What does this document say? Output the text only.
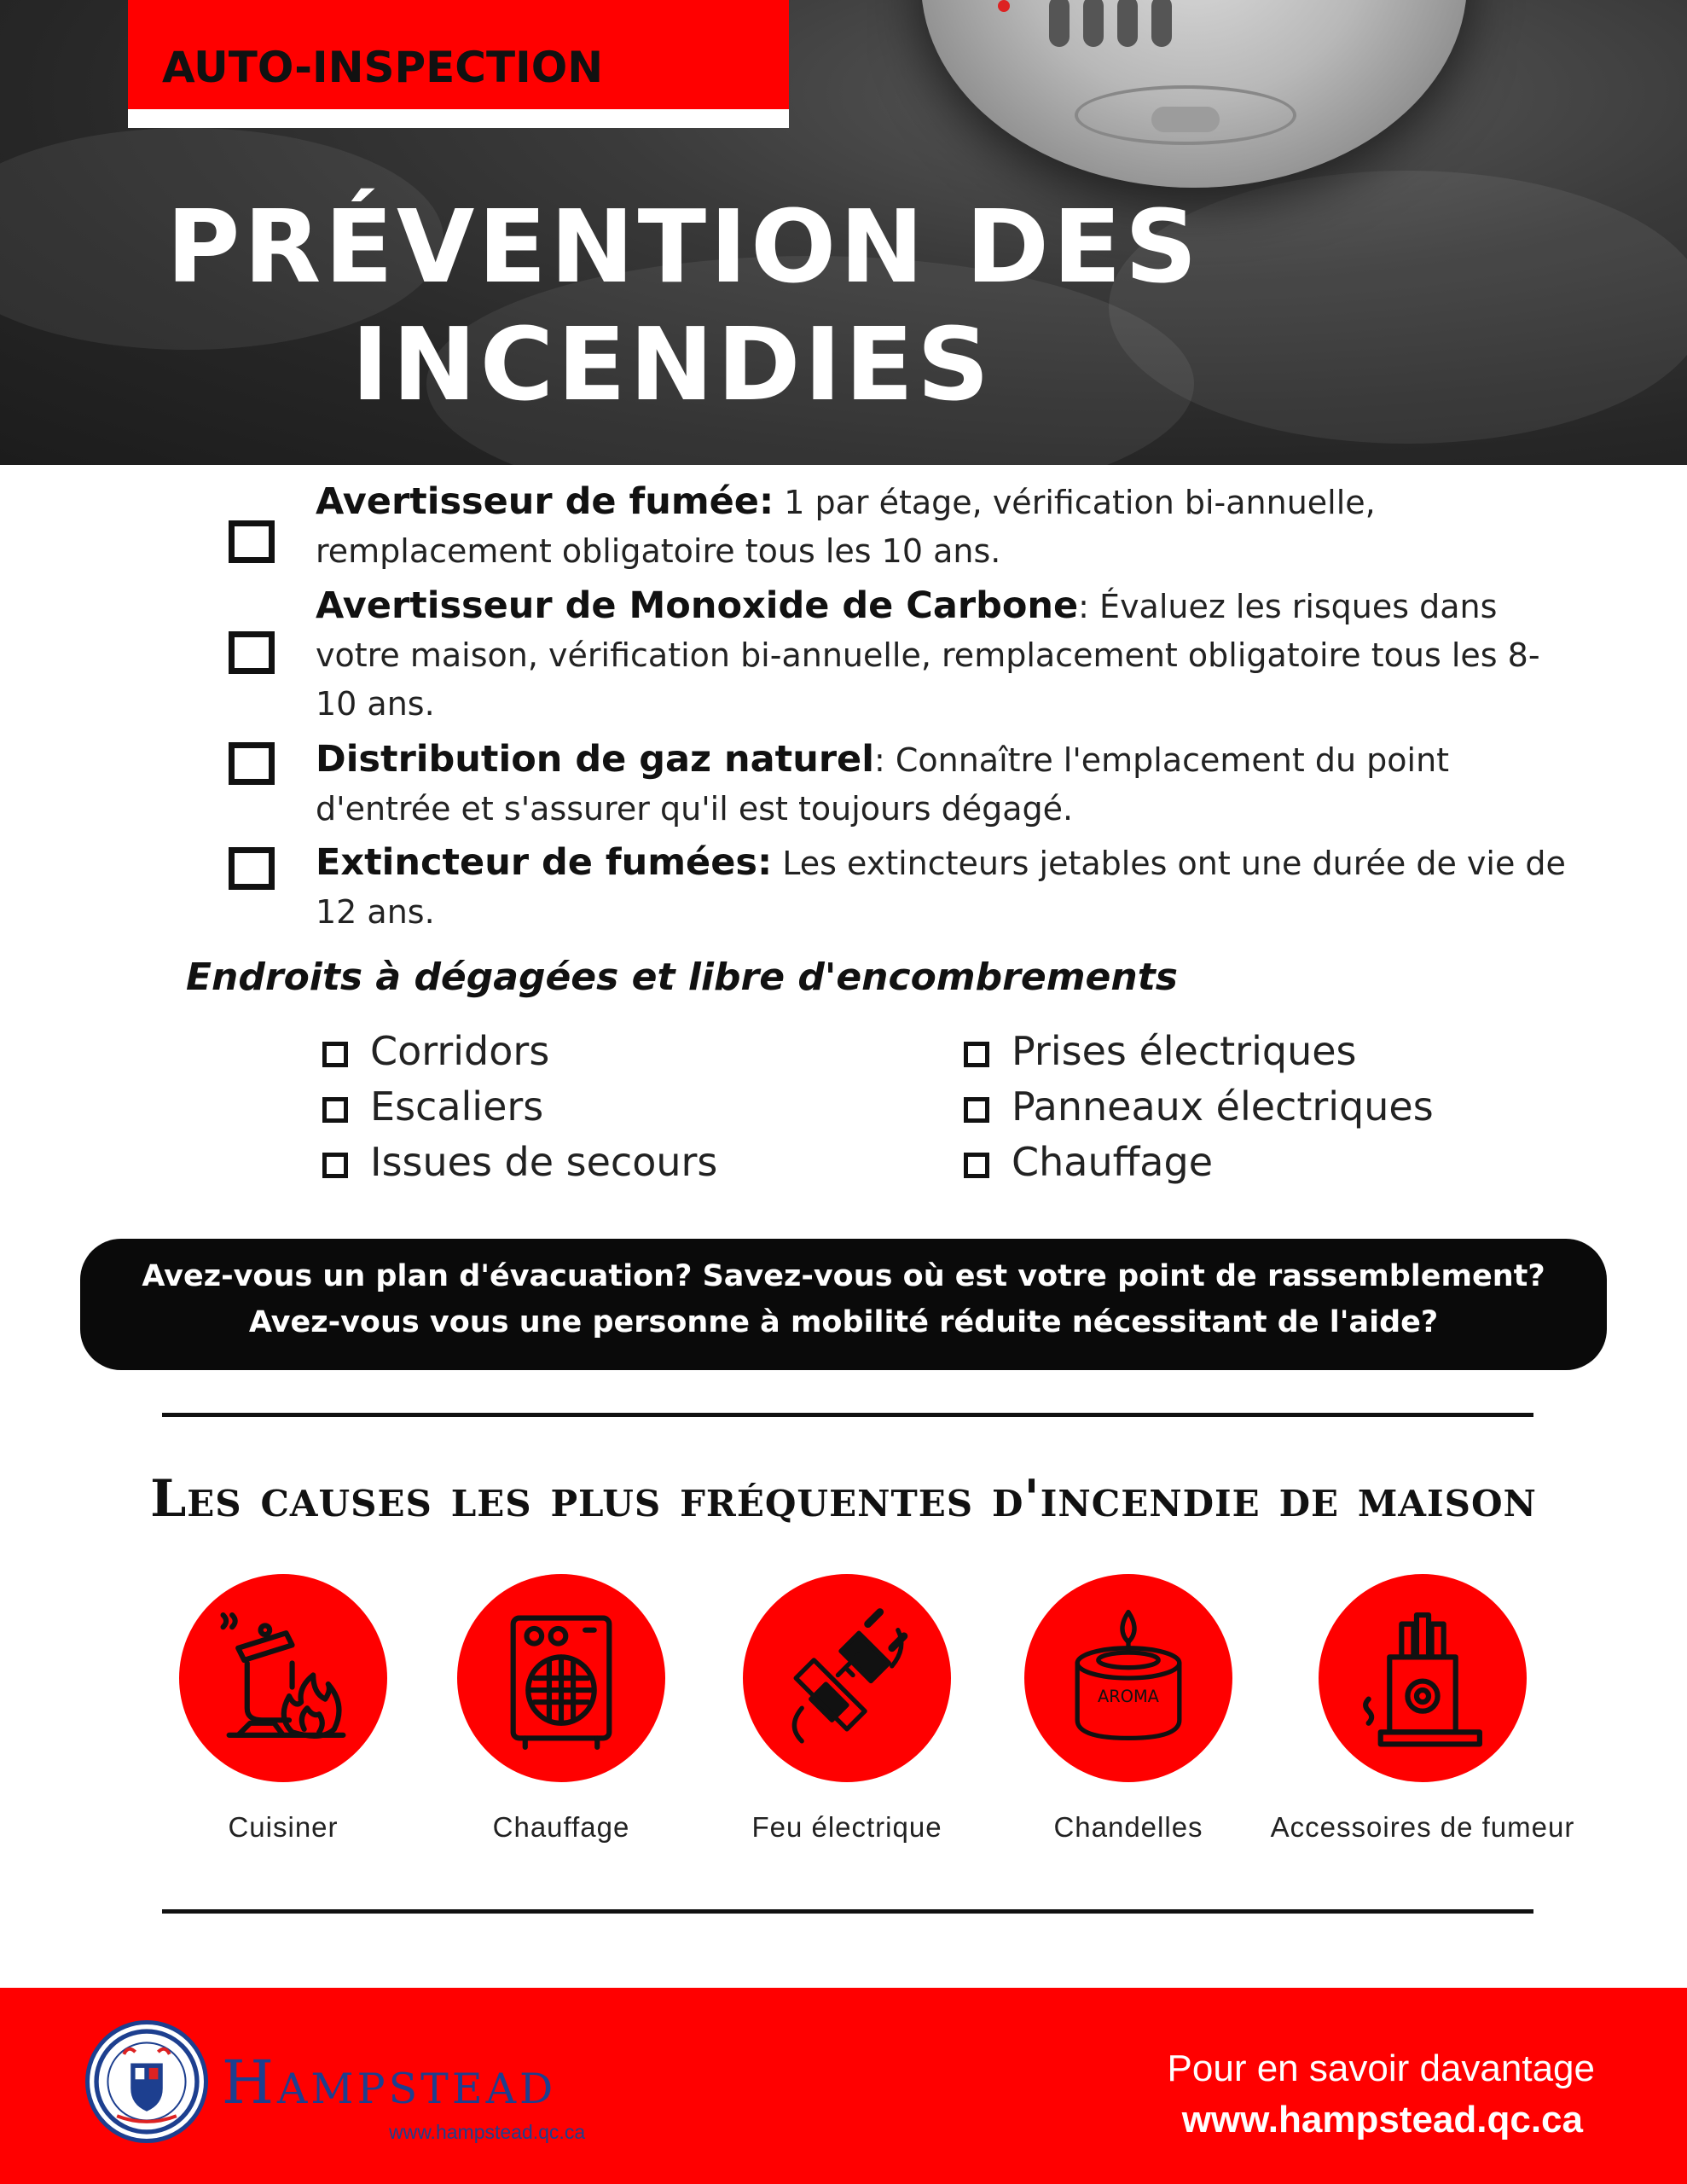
AUTO-INSPECTION
PRÉVENTION DES
INCENDIES
Avertisseur de fumée: 1 par étage, vérification bi-annuelle, remplacement obligatoire tous les 10 ans.
Avertisseur de Monoxide de Carbone: Évaluez les risques dans votre maison, vérification bi-annuelle, remplacement obligatoire tous les 8-10 ans.
Distribution de gaz naturel: Connaître l'emplacement du point d'entrée et s'assurer qu'il est toujours dégagé.
Extincteur de fumées: Les extincteurs jetables ont une durée de vie de 12 ans.
Endroits à dégagées et libre d'encombrements
Corridors
Escaliers
Issues de secours
Prises électriques
Panneaux électriques
Chauffage
Avez-vous un plan d'évacuation? Savez-vous où est votre point de rassemblement?
Avez-vous vous une personne à mobilité réduite nécessitant de l'aide?
Les causes les plus fréquentes d'incendie de maison
Cuisiner	Chauffage	Feu électrique
AROMA
Chandelles	Accessoires de fumeur
Hampstead
www.hampstead.qc.ca
Pour en savoir davantage
www.hampstead.qc.ca
